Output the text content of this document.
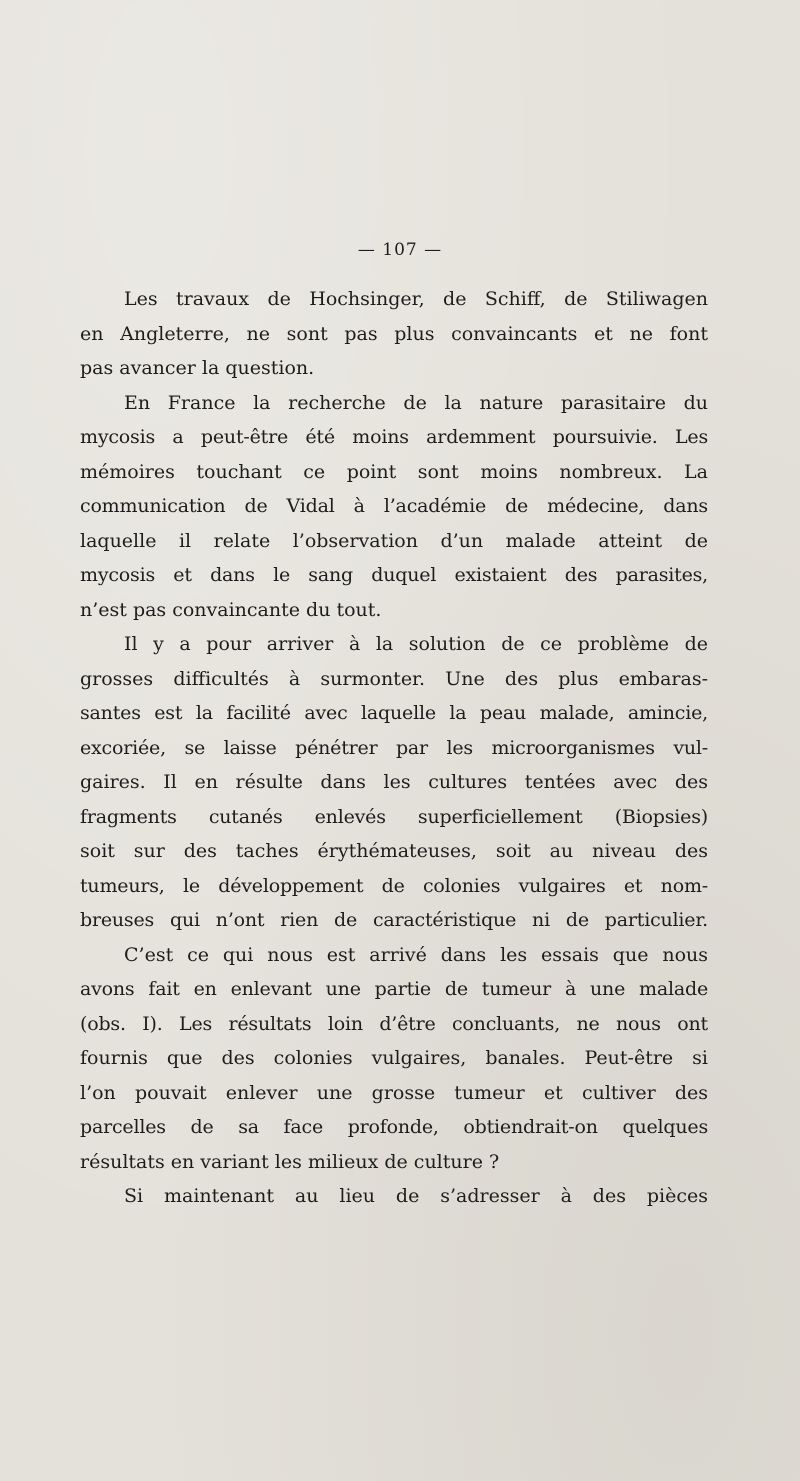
— 107 —
Les travaux de Hochsinger, de Schiff, de Stiliwagen
en Angleterre, ne sont pas plus convaincants et ne font
pas avancer la question.
En France la recherche de la nature parasitaire du
mycosis a peut-être été moins ardemment poursuivie. Les
mémoires touchant ce point sont moins nombreux. La
communication de Vidal à l’académie de médecine, dans
laquelle il relate l’observation d’un malade atteint de
mycosis et dans le sang duquel existaient des parasites,
n’est pas convaincante du tout.
Il y a pour arriver à la solution de ce problème de
grosses difficultés à surmonter. Une des plus embaras-
santes est la facilité avec laquelle la peau malade, amincie,
excoriée, se laisse pénétrer par les microorganismes vul-
gaires. Il en résulte dans les cultures tentées avec des
fragments cutanés enlevés superficiellement (Biopsies)
soit sur des taches érythémateuses, soit au niveau des
tumeurs, le développement de colonies vulgaires et nom-
breuses qui n’ont rien de caractéristique ni de particulier.
C’est ce qui nous est arrivé dans les essais que nous
avons fait en enlevant une partie de tumeur à une malade
(obs. I). Les résultats loin d’être concluants, ne nous ont
fournis que des colonies vulgaires, banales. Peut-être si
l’on pouvait enlever une grosse tumeur et cultiver des
parcelles de sa face profonde, obtiendrait-on quelques
résultats en variant les milieux de culture ?
Si maintenant au lieu de s’adresser à des pièces
